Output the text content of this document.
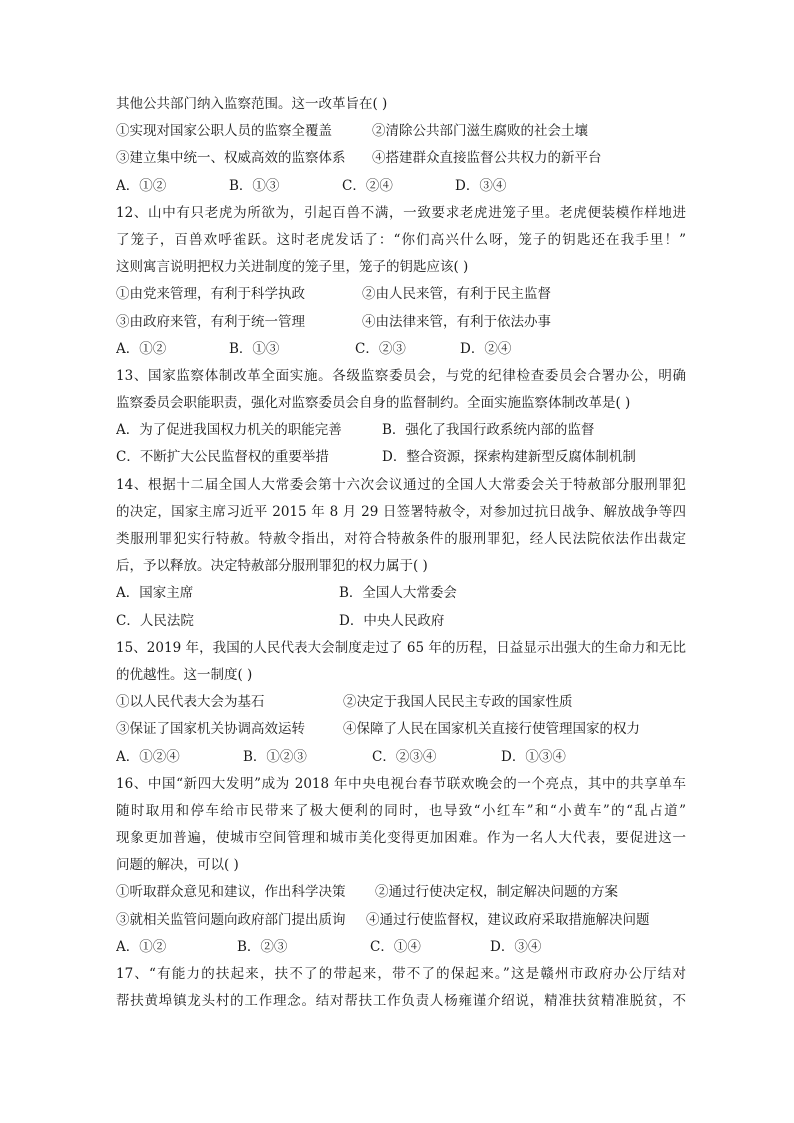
其他公共部门纳入监察范围。这一改革旨在( )
①实现对国家公职人员的监察全覆盖	②清除公共部门滋生腐败的社会土壤
③建立集中统一、权威高效的监察体系 ④搭建群众直接监督公共权力的新平台
A．①②	B．①③	C．②④	D．③④
12、山中有只老虎为所欲为，引起百兽不满，一致要求老虎进笼子里。老虎便装模作样地进
了笼子，百兽欢呼雀跃。这时老虎发话了：“你们高兴什么呀，笼子的钥匙还在我手里！”
这则寓言说明把权力关进制度的笼子里，笼子的钥匙应该( )
①由党来管理，有利于科学执政	②由人民来管，有利于民主监督
③由政府来管，有利于统一管理	④由法律来管，有利于依法办事
A．①②	B．①③	C．②③	D．②④
13、国家监察体制改革全面实施。各级监察委员会，与党的纪律检查委员会合署办公，明确
监察委员会职能职责，强化对监察委员会自身的监督制约。全面实施监察体制改革是( )
A．为了促进我国权力机关的职能完善	B．强化了我国行政系统内部的监督
C．不断扩大公民监督权的重要举措	D．整合资源，探索构建新型反腐体制机制
14、根据十二届全国人大常委会第十六次会议通过的全国人大常委会关于特赦部分服刑罪犯
的决定，国家主席习近平 2015 年 8 月 29 日签署特赦令，对参加过抗日战争、解放战争等四
类服刑罪犯实行特赦。特赦令指出，对符合特赦条件的服刑罪犯，经人民法院依法作出裁定
后，予以释放。决定特赦部分服刑罪犯的权力属于( )
A．国家主席	B．全国人大常委会
C．人民法院	D．中央人民政府
15、2019 年，我国的人民代表大会制度走过了 65 年的历程，日益显示出强大的生命力和无比
的优越性。这一制度( )
①以人民代表大会为基石	②决定于我国人民民主专政的国家性质
③保证了国家机关协调高效运转	④保障了人民在国家机关直接行使管理国家的权力
A．①②④	B．①②③	C．②③④	D．①③④
16、中国“新四大发明”成为 2018 年中央电视台春节联欢晚会的一个亮点，其中的共享单车
随时取用和停车给市民带来了极大便利的同时，也导致“小红车”和“小黄车”的“乱占道”
现象更加普遍，使城市空间管理和城市美化变得更加困难。作为一名人大代表，要促进这一
问题的解决，可以( )
①听取群众意见和建议，作出科学决策 ②通过行使决定权，制定解决问题的方案
③就相关监管问题向政府部门提出质询 ④通过行使监督权，建议政府采取措施解决问题
A．①②	B．②③	C．①④	D．③④
17、“有能力的扶起来，扶不了的带起来，带不了的保起来。”这是赣州市政府办公厅结对
帮扶黄埠镇龙头村的工作理念。结对帮扶工作负责人杨雍谨介绍说，精准扶贫精准脱贫，不
